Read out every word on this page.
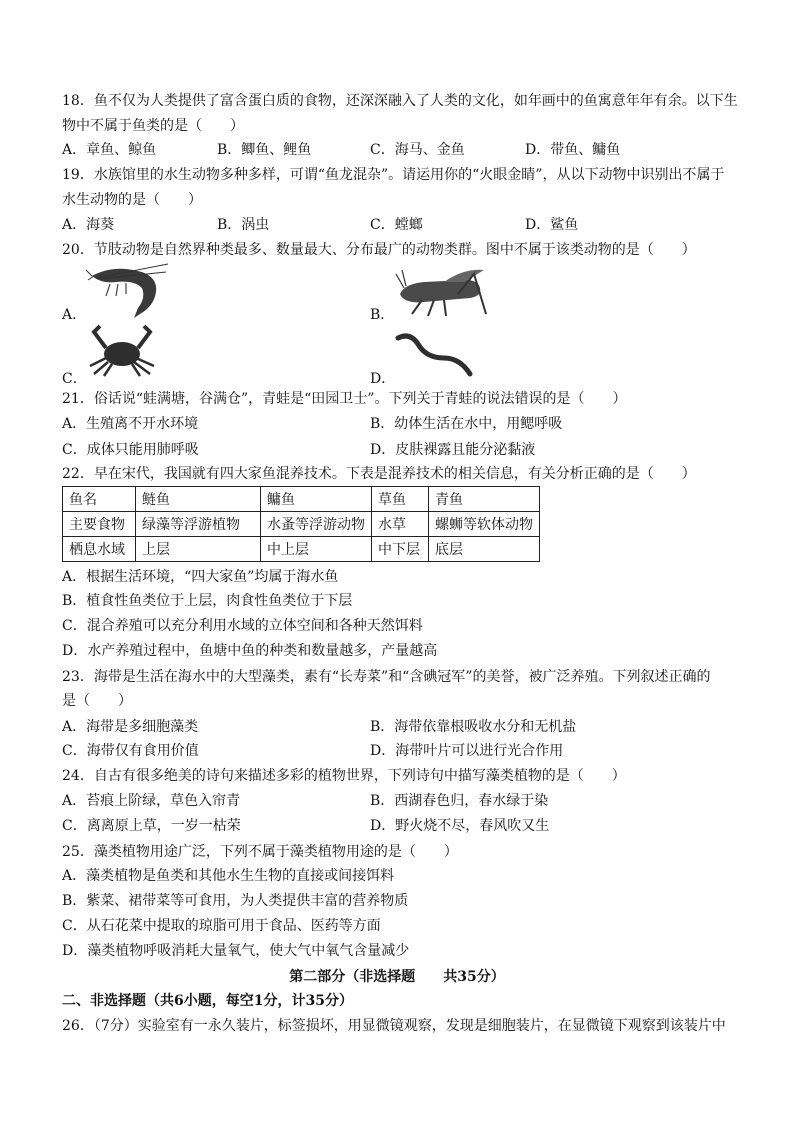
18．鱼不仅为人类提供了富含蛋白质的食物，还深深融入了人类的文化，如年画中的鱼寓意年年有余。以下生
物中不属于鱼类的是（　　）
A．章鱼、鲸鱼	B．鲫鱼、鲤鱼	C．海马、金鱼	D．带鱼、鳙鱼
19．水族馆里的水生动物多种多样，可谓“鱼龙混杂”。请运用你的“火眼金睛”，从以下动物中识别出不属于
水生动物的是（　　）
A．海葵	B．涡虫	C．螳螂	D．鲨鱼
20．节肢动物是自然界种类最多、数量最大、分布最广的动物类群。图中不属于该类动物的是（　　）
A．	B．
C．	D．
21．俗话说“蛙满塘，谷满仓”，青蛙是“田园卫士”。下列关于青蛙的说法错误的是（　　）
A．生殖离不开水环境	B．幼体生活在水中，用鳃呼吸
C．成体只能用肺呼吸	D．皮肤裸露且能分泌黏液
22．早在宋代，我国就有四大家鱼混养技术。下表是混养技术的相关信息，有关分析正确的是（　　）
鱼名	鲢鱼	鳙鱼	草鱼	青鱼
主要食物	绿藻等浮游植物	水蚤等浮游动物	水草	螺蛳等软体动物
栖息水域	上层	中上层	中下层	底层
A．根据生活环境，“四大家鱼”均属于海水鱼
B．植食性鱼类位于上层，肉食性鱼类位于下层
C．混合养殖可以充分利用水域的立体空间和各种天然饵料
D．水产养殖过程中，鱼塘中鱼的种类和数量越多，产量越高
23．海带是生活在海水中的大型藻类，素有“长寿菜”和“含碘冠军”的美誉，被广泛养殖。下列叙述正确的
是（　　）
A．海带是多细胞藻类	B．海带依靠根吸收水分和无机盐
C．海带仅有食用价值	D．海带叶片可以进行光合作用
24．自古有很多绝美的诗句来描述多彩的植物世界，下列诗句中描写藻类植物的是（　　）
A．苔痕上阶绿，草色入帘青	B．西湖春色归，春水绿于染
C．离离原上草，一岁一枯荣	D．野火烧不尽，春风吹又生
25．藻类植物用途广泛，下列不属于藻类植物用途的是（　　）
A．藻类植物是鱼类和其他水生生物的直接或间接饵料
B．紫菜、裙带菜等可食用，为人类提供丰富的营养物质
C．从石花菜中提取的琼脂可用于食品、医药等方面
D．藻类植物呼吸消耗大量氧气，使大气中氧气含量减少
第二部分（非选择题　　共35分）
二、非选择题（共6小题，每空1分，计35分）
26．（7分）实验室有一永久装片，标签损坏，用显微镜观察，发现是细胞装片，在显微镜下观察到该装片中
